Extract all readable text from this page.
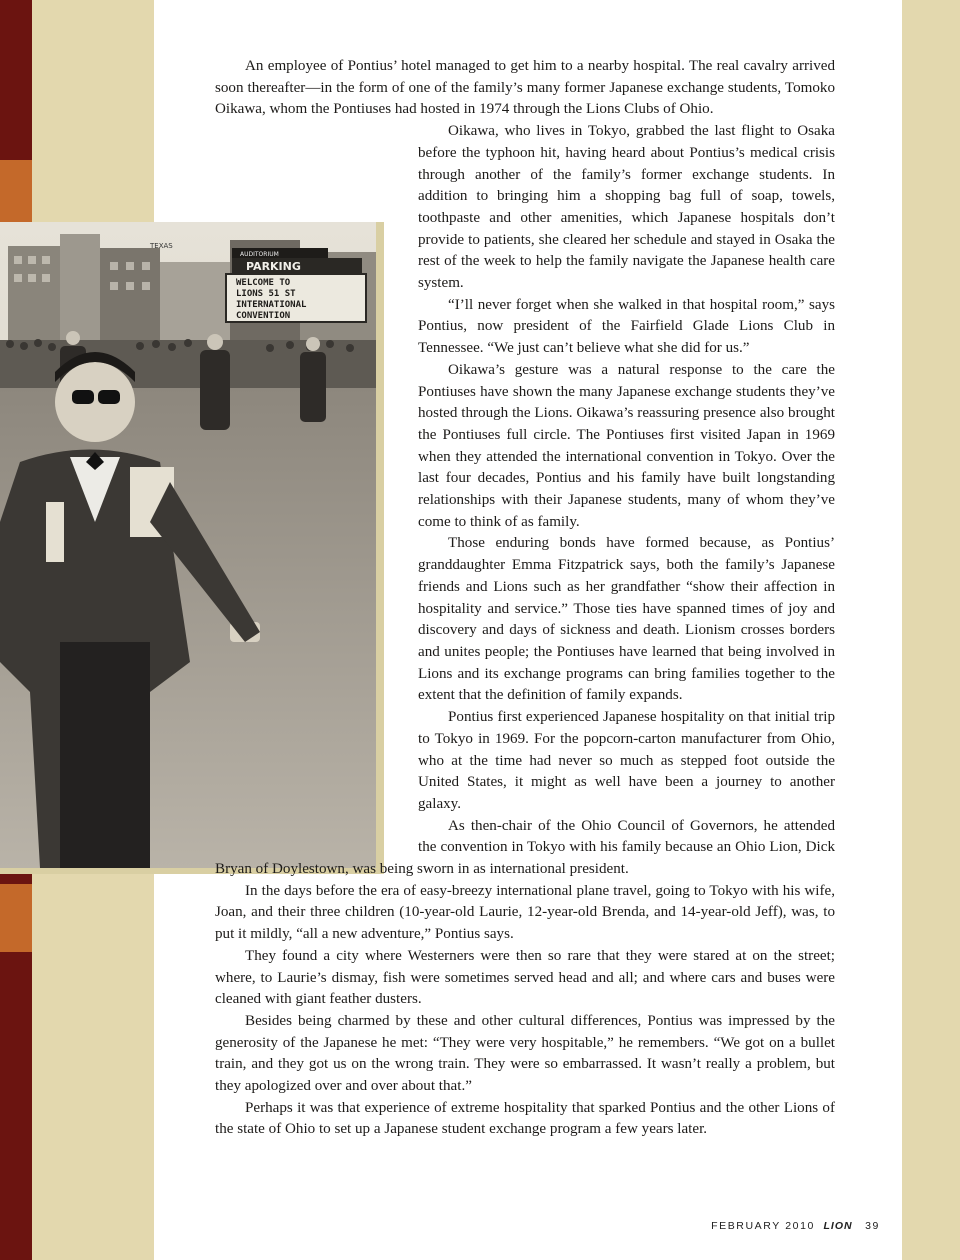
TEXAS
AUDITORIUM
PARKING
WELCOME TO
LIONS 51 ST
INTERNATIONAL
CONVENTION

An employee of Pontius’ hotel managed to get him to a nearby hospital. The real cavalry arrived soon thereafter—in the form of one of the family’s many former Japanese exchange students, Tomoko Oikawa, whom the Pontiuses had hosted in 1974 through the Lions Clubs of Ohio.

Oikawa, who lives in Tokyo, grabbed the last flight to Osaka before the typhoon hit, having heard about Pontius’s medical crisis through another of the family’s former exchange students. In addition to bringing him a shopping bag full of soap, towels, toothpaste and other amenities, which Japanese hospitals don’t provide to patients, she cleared her schedule and stayed in Osaka the rest of the week to help the family navigate the Japanese health care system.

“I’ll never forget when she walked in that hospital room,” says Pontius, now president of the Fairfield Glade Lions Club in Tennessee. “We just can’t believe what she did for us.”

Oikawa’s gesture was a natural response to the care the Pontiuses have shown the many Japanese exchange students they’ve hosted through the Lions. Oikawa’s reassuring presence also brought the Pontiuses full circle. The Pontiuses first visited Japan in 1969 when they attended the international convention in Tokyo. Over the last four decades, Pontius and his family have built longstanding relationships with their Japanese students, many of whom they’ve come to think of as family.

Those enduring bonds have formed because, as Pontius’ granddaughter Emma Fitzpatrick says, both the family’s Japanese friends and Lions such as her grandfather “show their affection in hospitality and service.” Those ties have spanned times of joy and discovery and days of sickness and death. Lionism crosses borders and unites people; the Pontiuses have learned that being involved in Lions and its exchange programs can bring families together to the extent that the definition of family expands.

Pontius first experienced Japanese hospitality on that initial trip to Tokyo in 1969. For the popcorn-carton manufacturer from Ohio, who at the time had never so much as stepped foot outside the United States, it might as well have been a journey to another galaxy.

As then-chair of the Ohio Council of Governors, he attended the convention in Tokyo with his family because an Ohio Lion, Dick Bryan of Doylestown, was being sworn in as international president.

In the days before the era of easy-breezy international plane travel, going to Tokyo with his wife, Joan, and their three children (10-year-old Laurie, 12-year-old Brenda, and 14-year-old Jeff), was, to put it mildly, “all a new adventure,” Pontius says.

They found a city where Westerners were then so rare that they were stared at on the street; where, to Laurie’s dismay, fish were sometimes served head and all; and where cars and buses were cleaned with giant feather dusters.

Besides being charmed by these and other cultural differences, Pontius was impressed by the generosity of the Japanese he met: “They were very hospitable,” he remembers. “We got on a bullet train, and they got us on the wrong train. They were so embarrassed. It wasn’t really a problem, but they apologized over and over about that.”

Perhaps it was that experience of extreme hospitality that sparked Pontius and the other Lions of the state of Ohio to set up a Japanese student exchange program a few years later.

FEBRUARY 2010 LION 39
